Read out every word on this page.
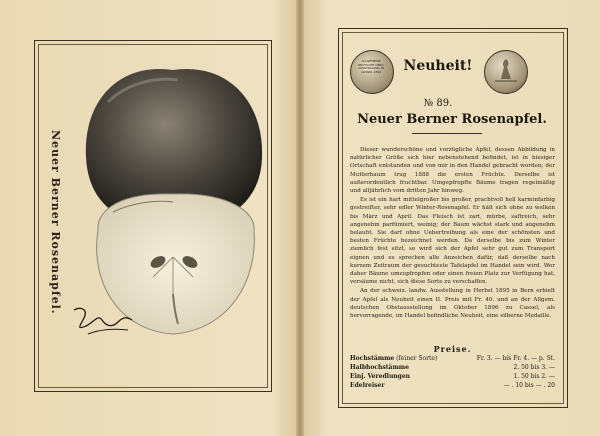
Neuer Berner Rosenapfel.
ALLGEMEINE DEUTSCHE OBST-AUSSTELLUNG IN CASSEL 1896	Neuheit!
№ 89.
Neuer Berner Rosenapfel.

Dieser wunderschöne und vorzügliche Apfel, dessen Abbildung in natürlicher Größe sich hier nebenstehend befindet, ist in hiesiger Ortschaft entstanden und von mir in den Handel gebracht worden; der Mutterbaum trug 1888 die ersten Früchte. Derselbe ist außerordentlich fruchtbar. Umgepfropfte Bäume tragen regelmäßig und alljährlich vom dritten Jahr hinweg.

Es ist ein hart mittelgroßer bis großer, prachtvoll hell karminfarbig gestreifter, sehr edler Winter-Rosenapfel. Er hält sich ohne zu welken bis März und April. Das Fleisch ist zart, mürbe, saftreich, sehr angenehm parfümiert, weinig; der Baum wächst stark und angenehm belaubt. Sie darf ohne Uebertreibung als eine der schönsten und besten Früchte bezeichnet werden. Da derselbe bis zum Winter ziemlich fest sitzt, so wird sich der Apfel sehr gut zum Transport eignen und es sprechen alle Anzeichen dafür, daß derselbe nach kurzem Zeitraum der gesuchteste Tafelapfel im Handel sein wird. Wer daher Bäume umzupfropfen oder einen freien Platz zur Verfügung hat, versäume nicht, sich diese Sorte zu verschaffen.

An der schweiz. landw. Ausstellung in Herbst 1895 in Bern erhielt der Apfel als Neuheit einen II. Preis mit Fr. 40. und an der Allgem. deutschen Obstausstellung im Oktober 1896 zu Cassel, als hervorragende, im Handel befindliche Neuheit, eine silberne Medaille.

Preise.
Hochstämme (feiner Sorte)	Fr. 3. — bis Fr. 4. — p. St.
Halbhochstämme	2. 50 bis 3. —
Einj. Veredlungen	1. 50 bis 2. —
Edelreiser	— . 10 bis — . 20
